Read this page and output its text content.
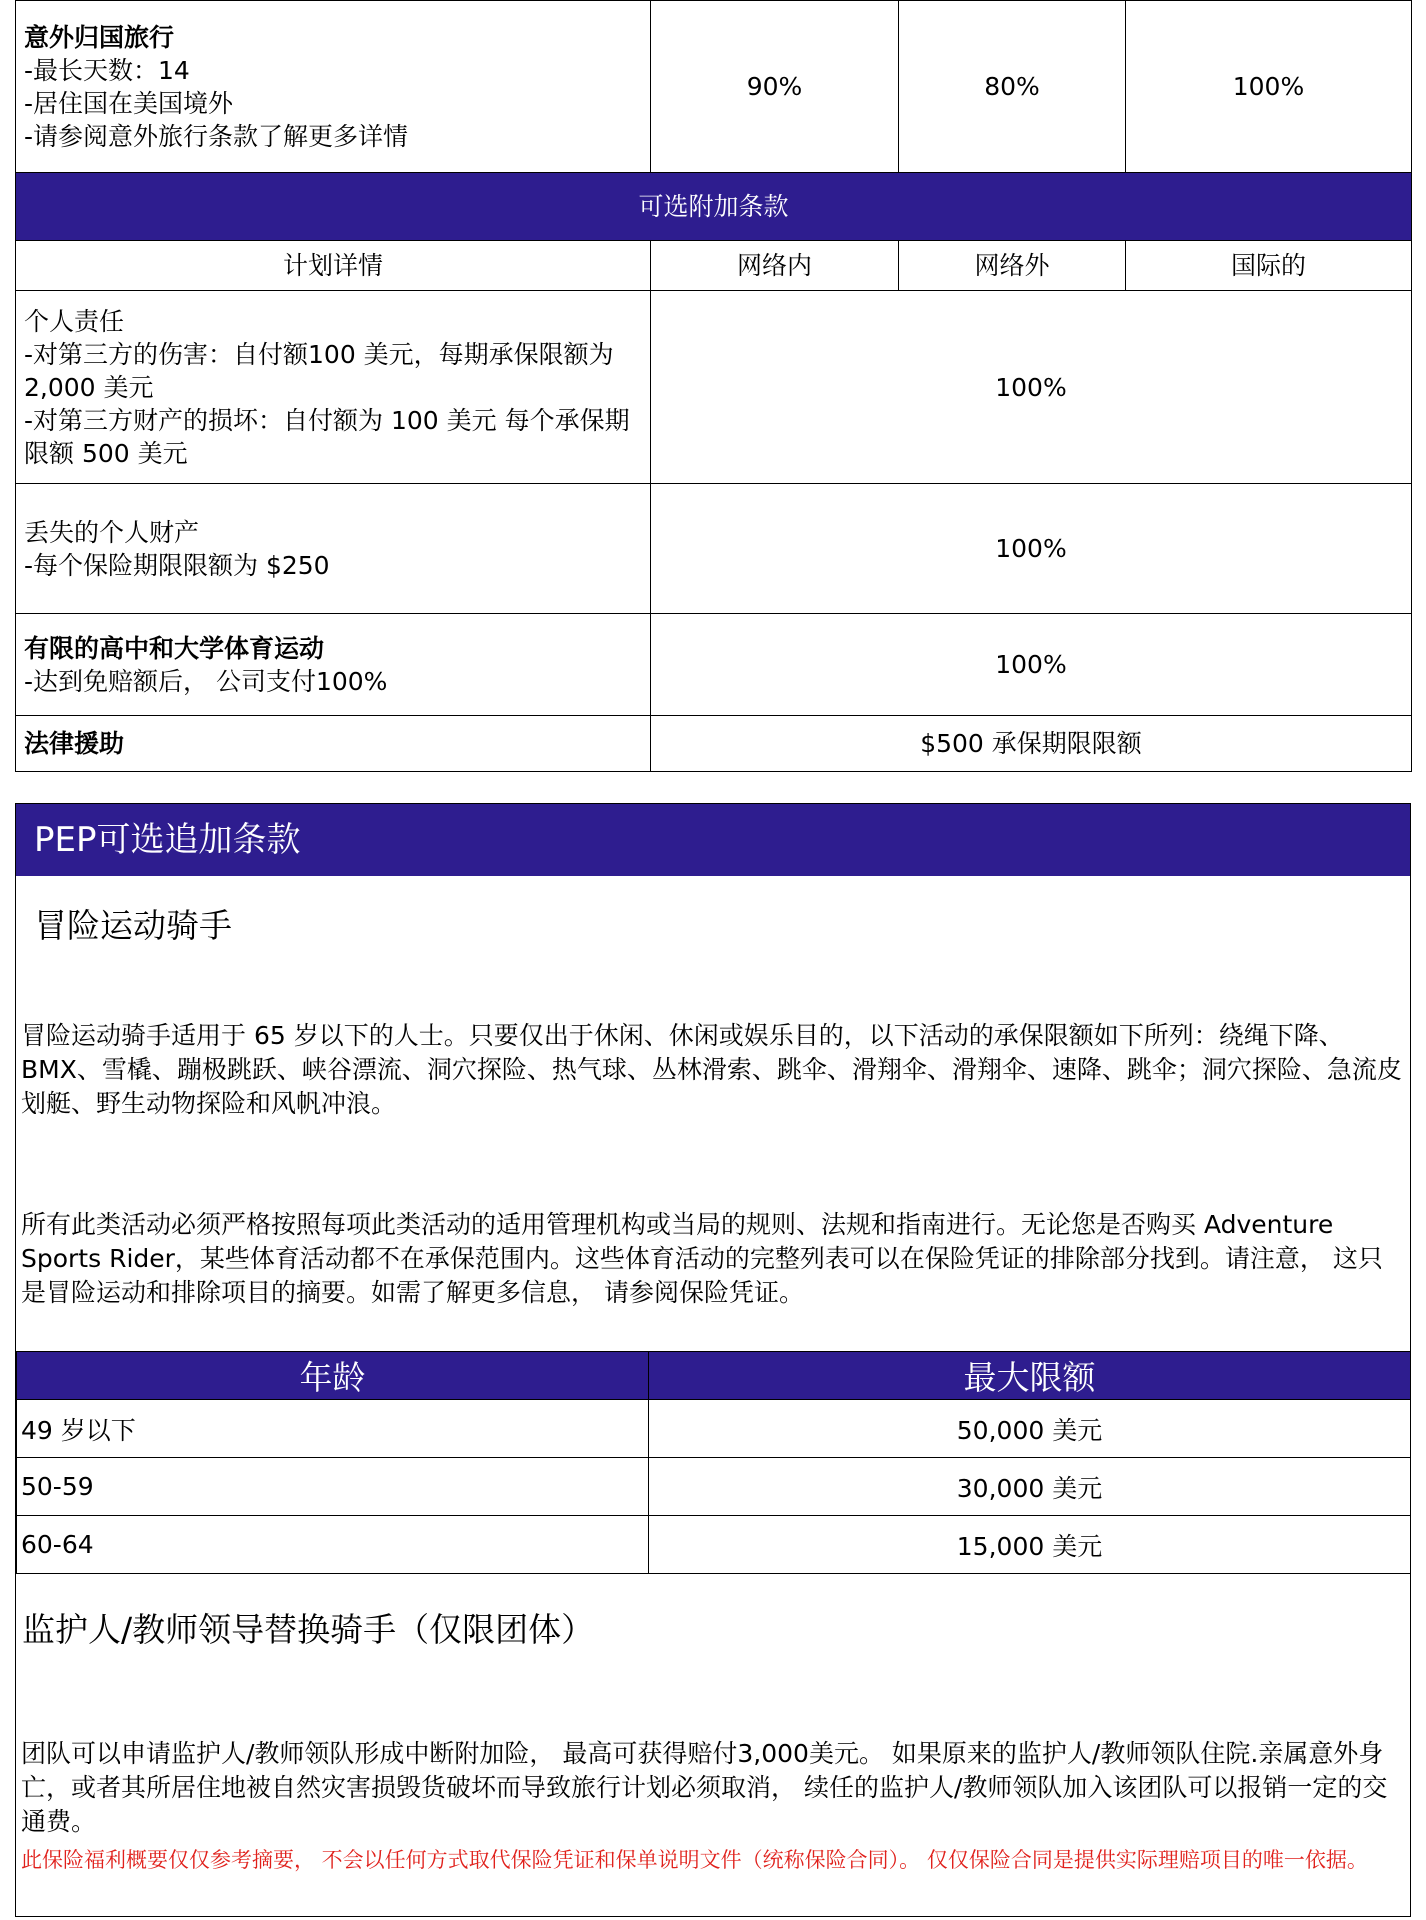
意外归国旅行
-最长天数：14
-居住国在美国境外
-请参阅意外旅行条款了解更多详情	90%	80%	100%
可选附加条款			
计划详情	网络内	网络外	国际的

个人责任
-对第三方的伤害：自付额100 美元，每期承保限额为 2,000 美元
-对第三方财产的损坏：自付额为 100 美元 每个承保期限额 500 美元	100%		

丢失的个人财产
-每个保险期限限额为 $250	100%		

有限的高中和大学体育运动
-达到免赔额后， 公司支付100%	100%		
法律援助	$500 承保期限限额		
PEP可选追加条款
冒险运动骑手
冒险运动骑手适用于 65 岁以下的人士。只要仅出于休闲、休闲或娱乐目的，以下活动的承保限额如下所列：绕绳下降、BMX、雪橇、蹦极跳跃、峡谷漂流、洞穴探险、热气球、丛林滑索、跳伞、滑翔伞、滑翔伞、速降、跳伞；洞穴探险、急流皮划艇、野生动物探险和风帆冲浪。
所有此类活动必须严格按照每项此类活动的适用管理机构或当局的规则、法规和指南进行。无论您是否购买 Adventure Sports Rider，某些体育活动都不在承保范围内。这些体育活动的完整列表可以在保险凭证的排除部分找到。请注意， 这只是冒险运动和排除项目的摘要。如需了解更多信息， 请参阅保险凭证。
年龄	最大限额
49 岁以下	50,000 美元
50-59	30,000 美元
60-64	15,000 美元
监护人/教师领导替换骑手（仅限团体）
团队可以申请监护人/教师领队形成中断附加险， 最高可获得赔付3,000美元。 如果原来的监护人/教师领队住院.亲属意外身亡，或者其所居住地被自然灾害损毁货破坏而导致旅行计划必须取消， 续任的监护人/教师领队加入该团队可以报销一定的交通费。
此保险福利概要仅仅参考摘要， 不会以任何方式取代保险凭证和保单说明文件（统称保险合同）。 仅仅保险合同是提供实际理赔项目的唯一依据。
